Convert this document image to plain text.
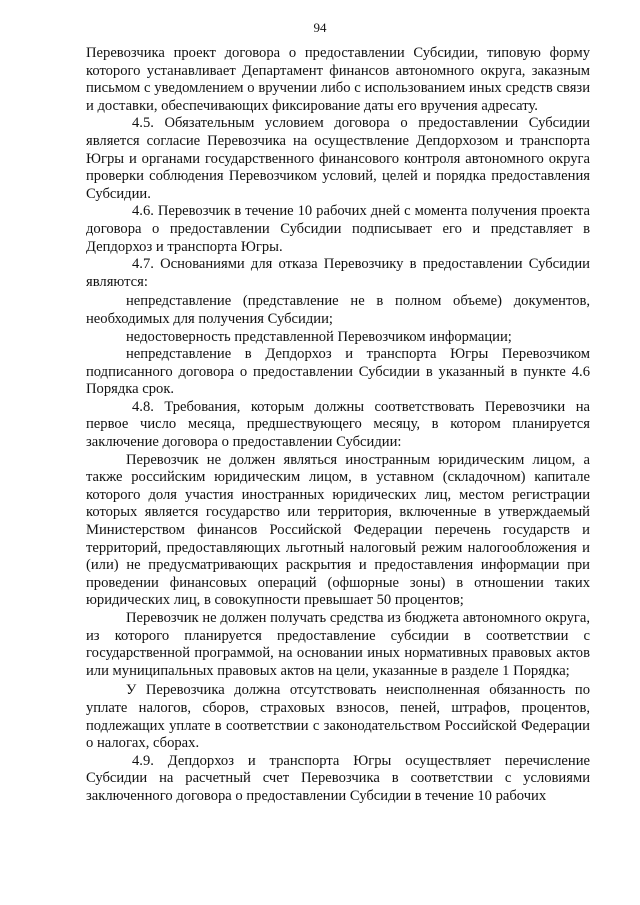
94

Перевозчика проект договора о предоставлении Субсидии, типовую форму которого устанавливает Департамент финансов автономного округа, заказным письмом с уведомлением о вручении либо с использованием иных средств связи и доставки, обеспечивающих фиксирование даты его вручения адресату.

4.5. Обязательным условием договора о предоставлении Субсидии является согласие Перевозчика на осуществление Депдорхозом и транспорта Югры и органами государственного финансового контроля автономного округа проверки соблюдения Перевозчиком условий, целей и порядка предоставления Субсидии.

4.6. Перевозчик в течение 10 рабочих дней с момента получения проекта договора о предоставлении Субсидии подписывает его и представляет в Депдорхоз и транспорта Югры.

4.7. Основаниями для отказа Перевозчику в предоставлении Субсидии являются:

непредставление (представление не в полном объеме) документов, необходимых для получения Субсидии;

недостоверность представленной Перевозчиком информации;

непредставление в Депдорхоз и транспорта Югры Перевозчиком подписанного договора о предоставлении Субсидии в указанный в пункте 4.6 Порядка срок.

4.8. Требования, которым должны соответствовать Перевозчики на первое число месяца, предшествующего месяцу, в котором планируется заключение договора о предоставлении Субсидии:

Перевозчик не должен являться иностранным юридическим лицом, а также российским юридическим лицом, в уставном (складочном) капитале которого доля участия иностранных юридических лиц, местом регистрации которых является государство или территория, включенные в утверждаемый Министерством финансов Российской Федерации перечень государств и территорий, предоставляющих льготный налоговый режим налогообложения и (или) не предусматривающих раскрытия и предоставления информации при проведении финансовых операций (офшорные зоны) в отношении таких юридических лиц, в совокупности превышает 50 процентов;

Перевозчик не должен получать средства из бюджета автономного округа, из которого планируется предоставление субсидии в соответствии с государственной программой, на основании иных нормативных правовых актов или муниципальных правовых актов на цели, указанные в разделе 1 Порядка;

У Перевозчика должна отсутствовать неисполненная обязанность по уплате налогов, сборов, страховых взносов, пеней, штрафов, процентов, подлежащих уплате в соответствии с законодательством Российской Федерации о налогах, сборах.

4.9. Депдорхоз и транспорта Югры осуществляет перечисление Субсидии на расчетный счет Перевозчика в соответствии с условиями заключенного договора о предоставлении Субсидии в течение 10 рабочих
